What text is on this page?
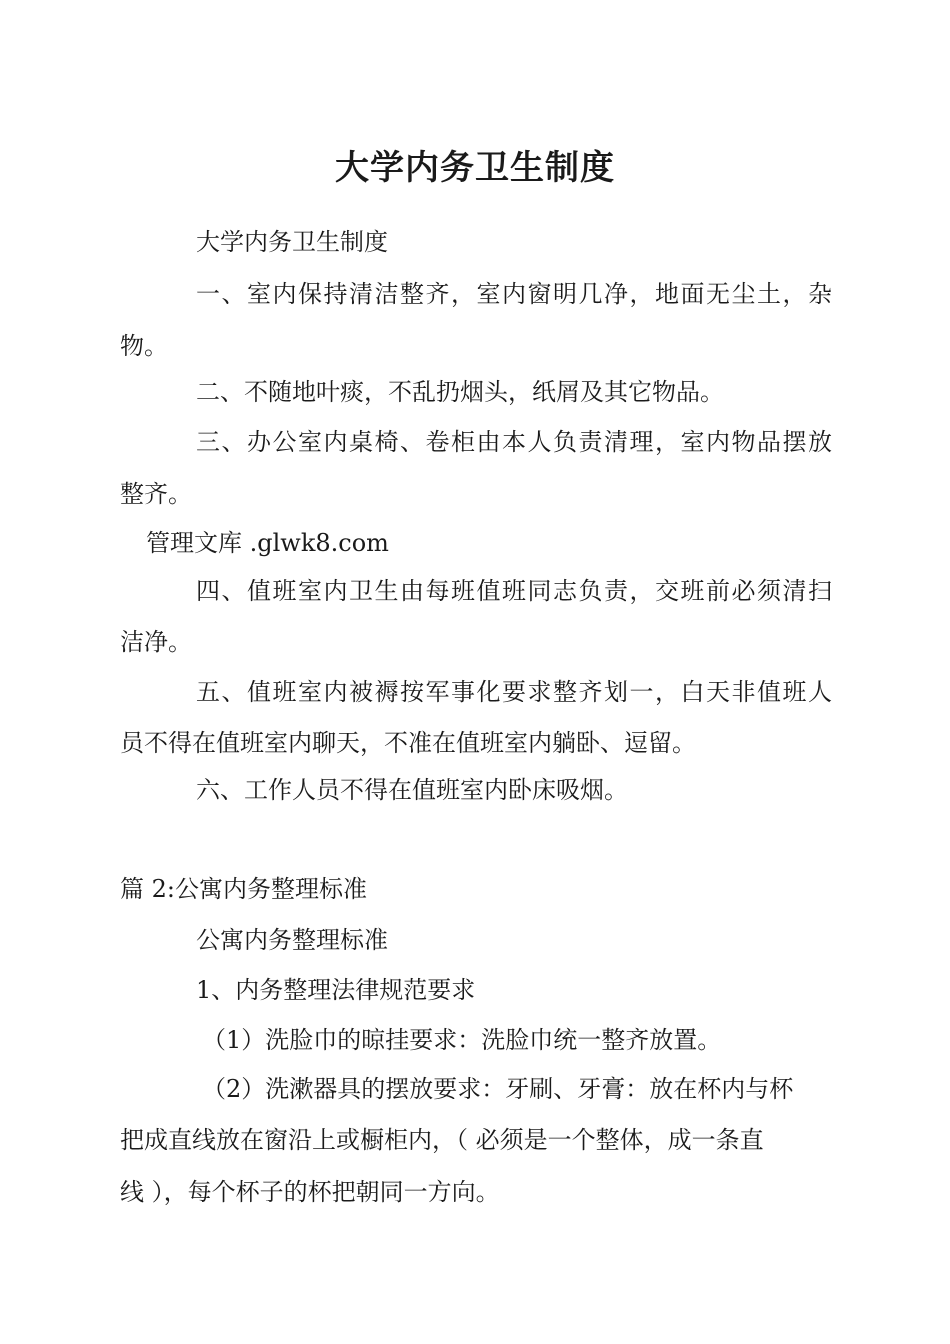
大学内务卫生制度
大学内务卫生制度
一、室内保持清洁整齐，室内窗明几净，地面无尘土，杂
物。
二、不随地叶痰，不乱扔烟头，纸屑及其它物品。
三、办公室内桌椅、卷柜由本人负责清理，室内物品摆放
整齐。
管理文库 .glwk8.com
四、值班室内卫生由每班值班同志负责，交班前必须清扫
洁净。
五、值班室内被褥按军事化要求整齐划一，白天非值班人
员不得在值班室内聊天，不准在值班室内躺卧、逗留。
六、工作人员不得在值班室内卧床吸烟。
篇 2:公寓内务整理标准
公寓内务整理标准
1、内务整理法律规范要求
（1）洗脸巾的晾挂要求：洗脸巾统一整齐放置。
（2）洗漱器具的摆放要求：牙刷、牙膏：放在杯内与杯
把成直线放在窗沿上或橱柜内，（ 必须是一个整体，成一条直
线 ），每个杯子的杯把朝同一方向。
